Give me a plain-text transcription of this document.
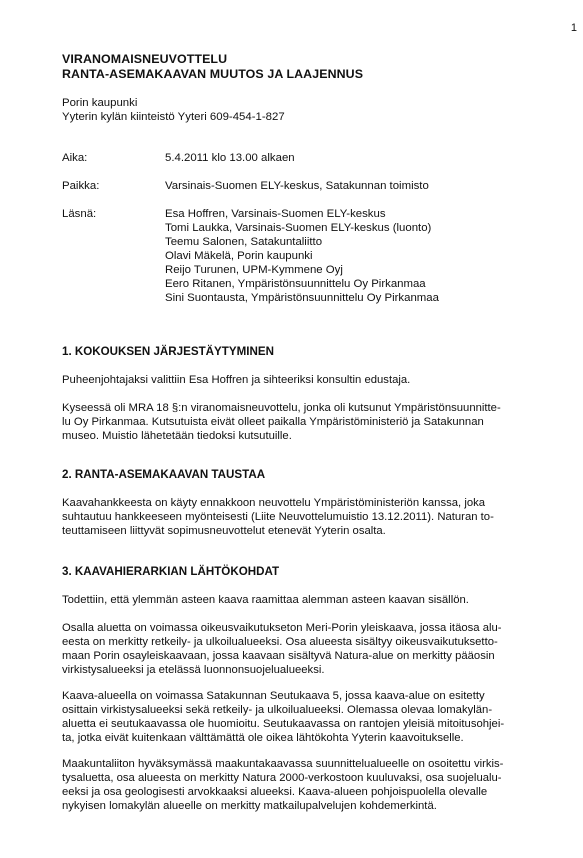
1
VIRANOMAISNEUVOTTELU
RANTA-ASEMAKAAVAN MUUTOS JA LAAJENNUS
Porin kaupunki
Yyterin kylän kiinteistö Yyteri 609-454-1-827
Aika:	5.4.2011 klo 13.00 alkaen
Paikka:	Varsinais-Suomen ELY-keskus, Satakunnan toimisto
Läsnä:	Esa Hoffren, Varsinais-Suomen ELY-keskus
Tomi Laukka, Varsinais-Suomen ELY-keskus (luonto)
Teemu Salonen, Satakuntaliitto
Olavi Mäkelä, Porin kaupunki
Reijo Turunen, UPM-Kymmene Oyj
Eero Ritanen, Ympäristönsuunnittelu Oy Pirkanmaa
Sini Suontausta, Ympäristönsuunnittelu Oy Pirkanmaa
1. KOKOUKSEN JÄRJESTÄYTYMINEN
Puheenjohtajaksi valittiin Esa Hoffren ja sihteeriksi konsultin edustaja.
Kyseessä oli MRA 18 §:n viranomaisneuvottelu, jonka oli kutsunut Ympäristönsuunnitte-
lu Oy Pirkanmaa. Kutsutuista eivät olleet paikalla Ympäristöministeriö ja Satakunnan
museo. Muistio lähetetään tiedoksi kutsutuille.
2. RANTA-ASEMAKAAVAN TAUSTAA
Kaavahankkeesta on käyty ennakkoon neuvottelu Ympäristöministeriön kanssa, joka
suhtautuu hankkeeseen myönteisesti (Liite Neuvottelumuistio 13.12.2011). Naturan to-
teuttamiseen liittyvät sopimusneuvottelut etenevät Yyterin osalta.
3. KAAVAHIERARKIAN LÄHTÖKOHDAT
Todettiin, että ylemmän asteen kaava raamittaa alemman asteen kaavan sisällön.
Osalla aluetta on voimassa oikeusvaikutukseton Meri-Porin yleiskaava, jossa itäosa alu-
eesta on merkitty retkeily- ja ulkoilualueeksi. Osa alueesta sisältyy oikeusvaikutuksetto-
maan Porin osayleiskaavaan, jossa kaavaan sisältyvä Natura-alue on merkitty pääosin
virkistysalueeksi ja etelässä luonnonsuojelualueeksi.
Kaava-alueella on voimassa Satakunnan Seutukaava 5, jossa kaava-alue on esitetty
osittain virkistysalueeksi sekä retkeily- ja ulkoilualueeksi. Olemassa olevaa lomakylän-
aluetta ei seutukaavassa ole huomioitu. Seutukaavassa on rantojen yleisiä mitoitusohjei-
ta, jotka eivät kuitenkaan välttämättä ole oikea lähtökohta Yyterin kaavoitukselle.
Maakuntaliiton hyväksymässä maakuntakaavassa suunnittelualueelle on osoitettu virkis-
tysaluetta, osa alueesta on merkitty Natura 2000-verkostoon kuuluvaksi, osa suojelualu-
eeksi ja osa geologisesti arvokkaaksi alueeksi. Kaava-alueen pohjoispuolella olevalle
nykyisen lomakylän alueelle on merkitty matkailupalvelujen kohdemerkintä.
